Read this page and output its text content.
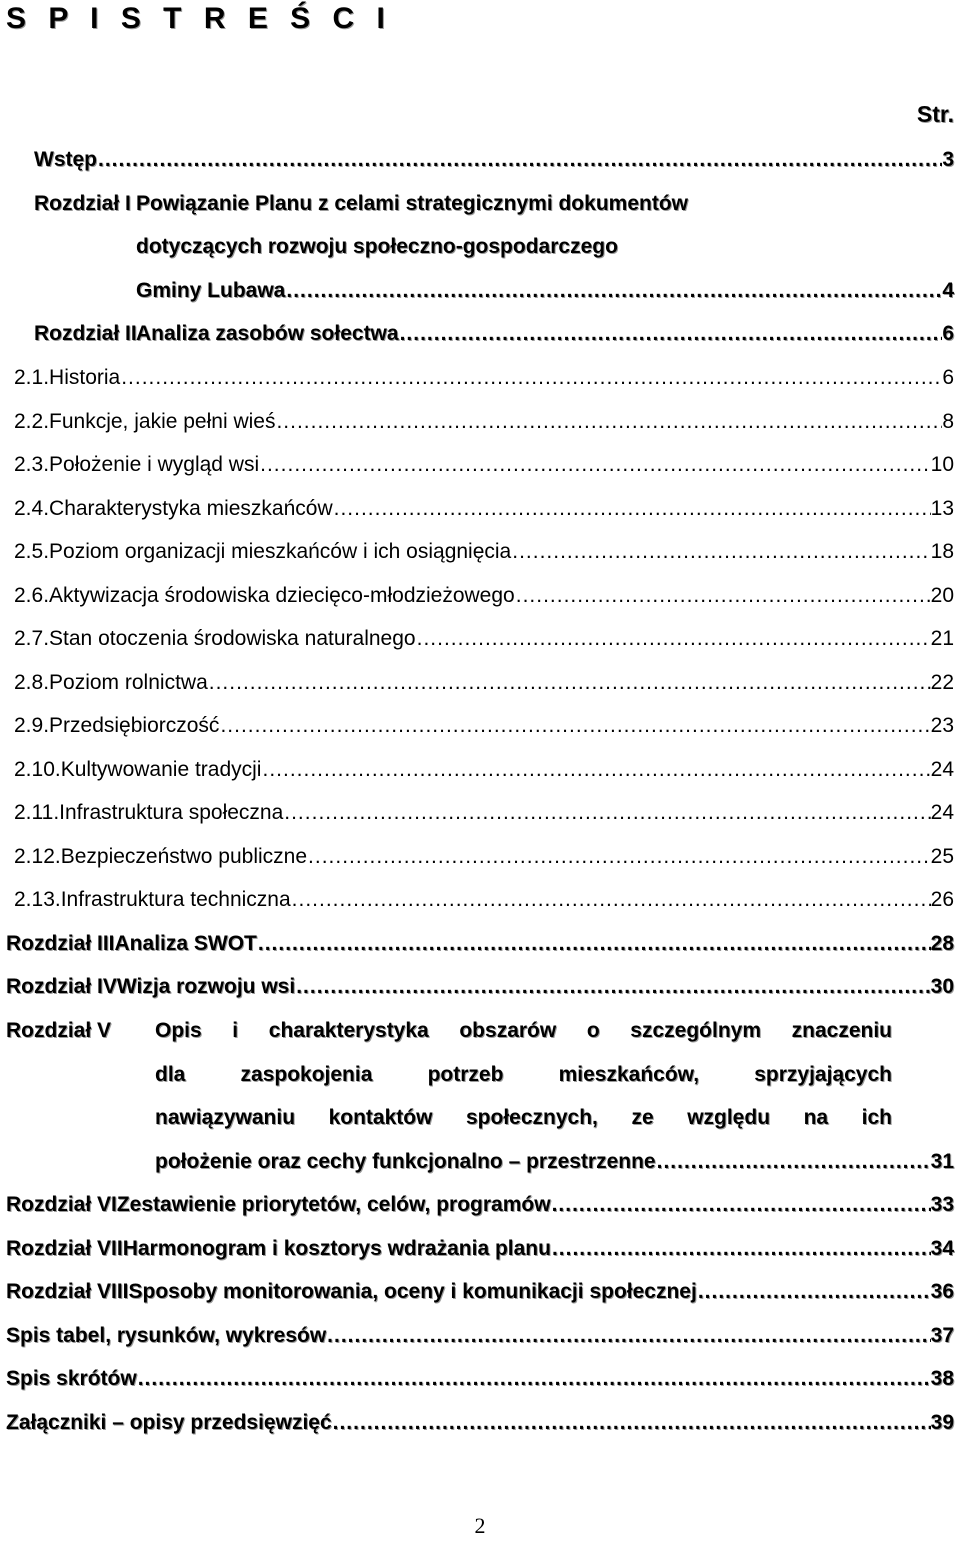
S P I S T R E Ś C I
Str.
Wstęp .....	3
Rozdział I Powiązanie Planu z celami strategicznymi dokumentów
dotyczących rozwoju społeczno-gospodarczego
Gminy Lubawa .....	4
Rozdział II Analiza zasobów sołectwa .....	6
2.1. Historia .....	6
2.2. Funkcje, jakie pełni wieś .....	8
2.3. Położenie i wygląd wsi .....	10
2.4. Charakterystyka mieszkańców .....	13
2.5. Poziom organizacji mieszkańców i ich osiągnięcia .....	18
2.6. Aktywizacja środowiska dziecięco-młodzieżowego .....	20
2.7. Stan otoczenia środowiska naturalnego .....	21
2.8. Poziom rolnictwa .....	22
2.9. Przedsiębiorczość .....	23
2.10. Kultywowanie tradycji .....	24
2.11. Infrastruktura społeczna .....	24
2.12. Bezpieczeństwo publiczne .....	25
2.13. Infrastruktura techniczna .....	26
Rozdział III Analiza SWOT .....	28
Rozdział IV Wizja rozwoju wsi .....	30
Rozdział V Opis i charakterystyka obszarów o szczególnym znaczeniu
dla zaspokojenia potrzeb mieszkańców, sprzyjających
nawiązywaniu kontaktów społecznych, ze względu na ich
położenie oraz cechy funkcjonalno – przestrzenne .....	31
Rozdział VI Zestawienie priorytetów, celów, programów .....	33
Rozdział VII Harmonogram i kosztorys wdrażania planu .....	34
Rozdział VIII Sposoby monitorowania, oceny i komunikacji społecznej .....	36
Spis tabel, rysunków, wykresów .....	37
Spis skrótów .....	38
Załączniki – opisy przedsięwzięć .....	39
2
